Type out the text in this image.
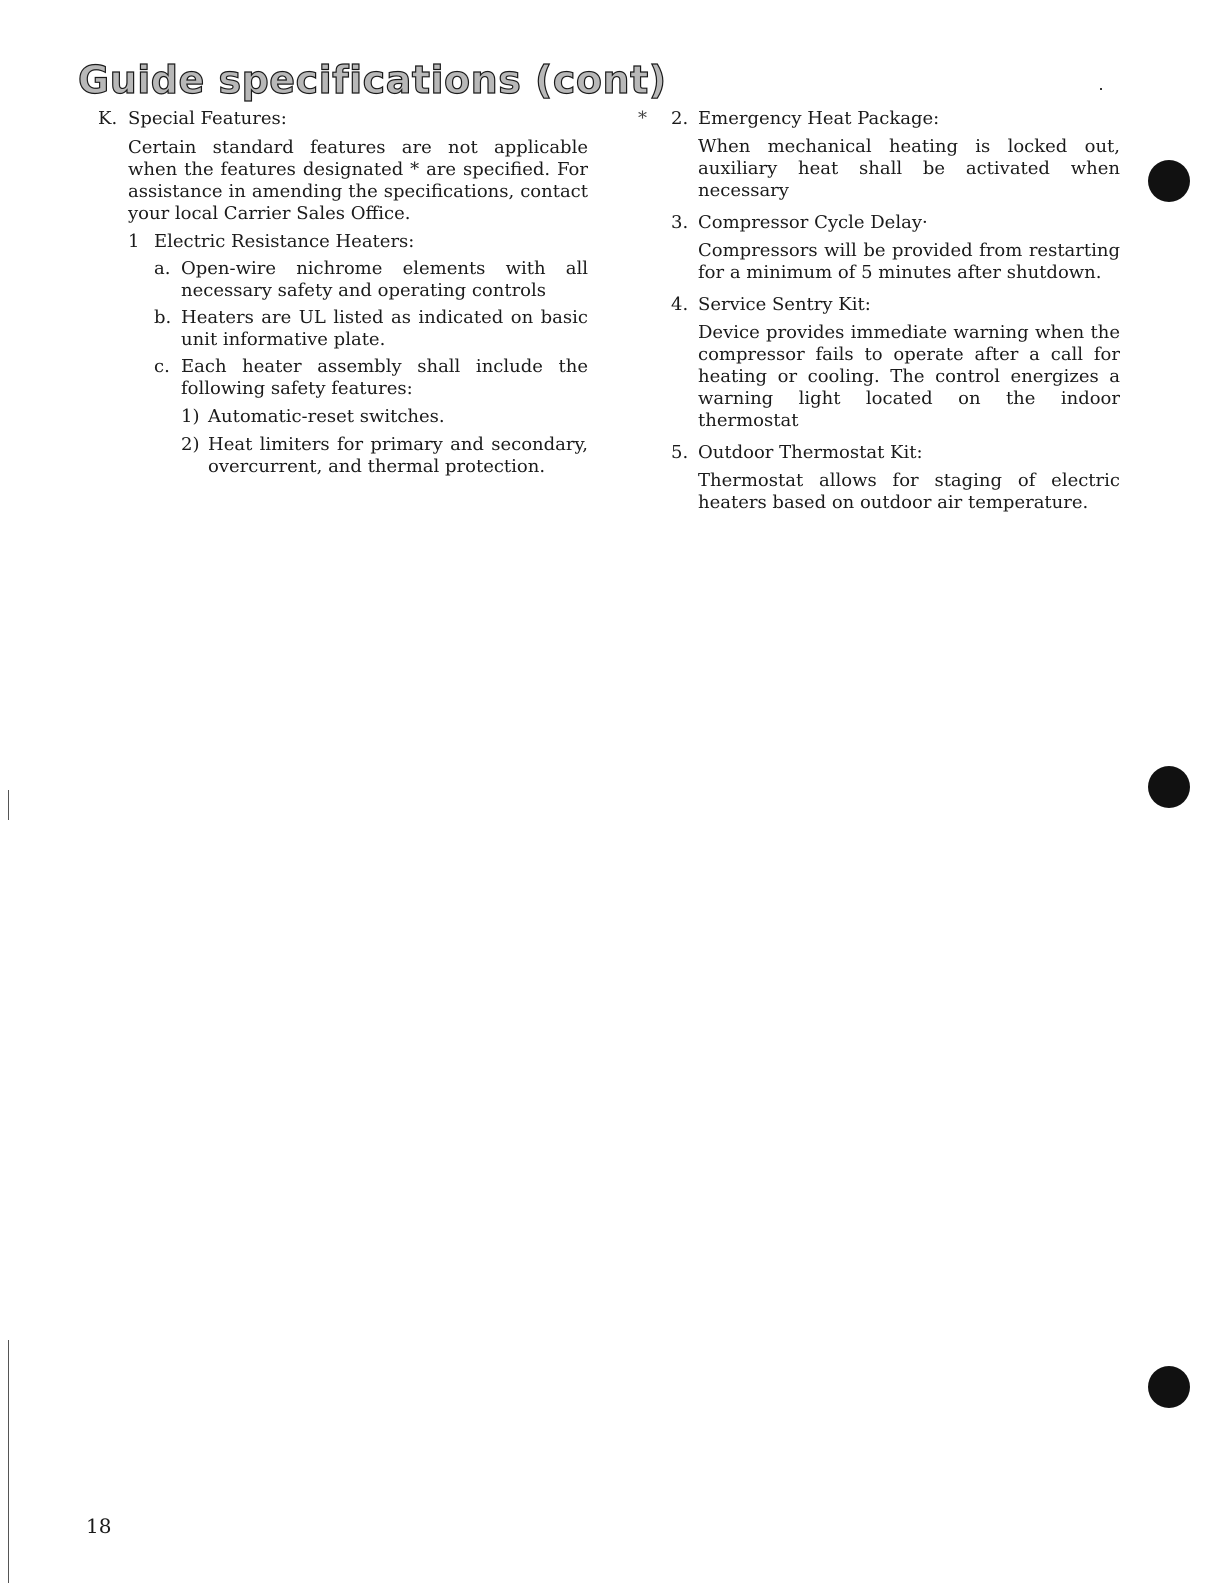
Guide specifications (cont)
K. Special Features:
Certain standard features are not applicable when the features designated * are specified. For assistance in amending the specifications, contact your local Carrier Sales Office.
1 Electric Resistance Heaters:
a. Open-wire nichrome elements with all necessary safety and operating controls
b. Heaters are UL listed as indicated on basic unit informative plate.
c. Each heater assembly shall include the following safety features:
1) Automatic-reset switches.
2) Heat limiters for primary and secondary, overcurrent, and thermal protection.
* 2. Emergency Heat Package:
When mechanical heating is locked out, auxiliary heat shall be activated when necessary
3. Compressor Cycle Delay·
Compressors will be provided from restarting for a minimum of 5 minutes after shutdown.
4. Service Sentry Kit:
Device provides immediate warning when the compressor fails to operate after a call for heating or cooling. The control energizes a warning light located on the indoor thermostat
5. Outdoor Thermostat Kit:
Thermostat allows for staging of electric heaters based on outdoor air temperature.
18
